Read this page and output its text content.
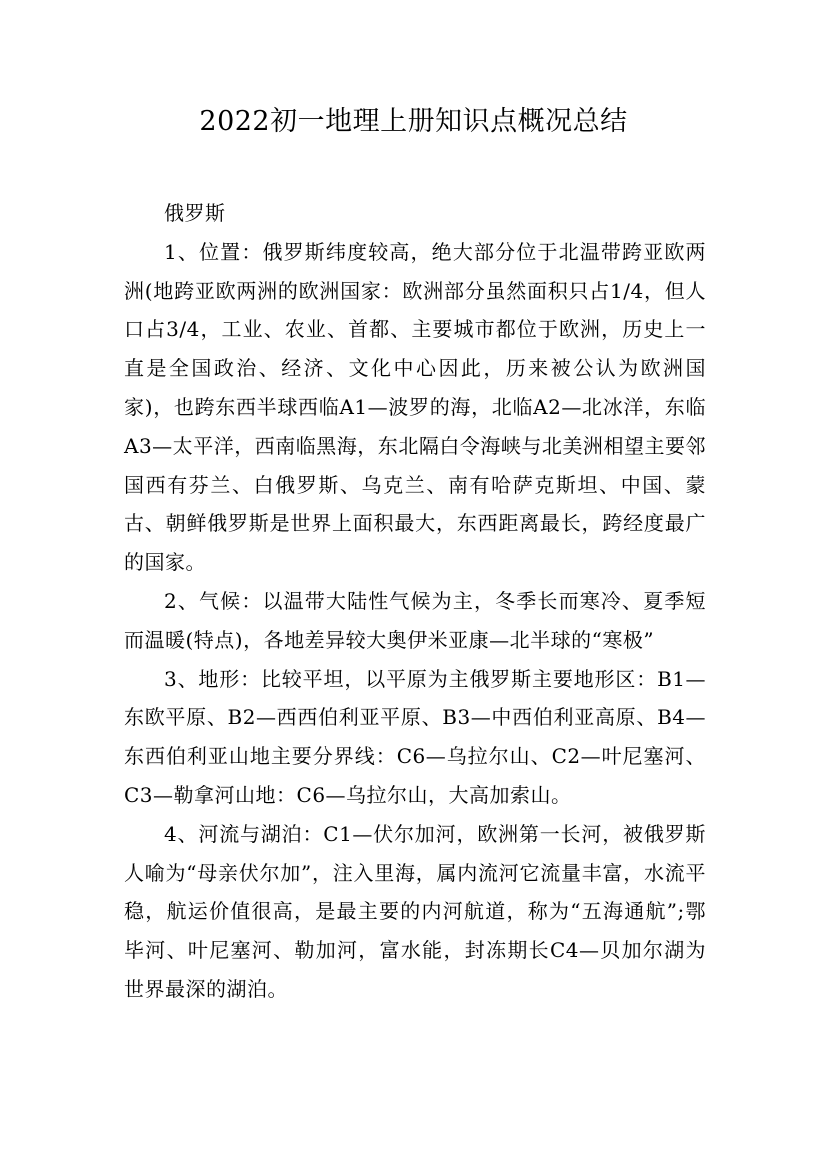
2022初一地理上册知识点概况总结

俄罗斯

1、位置：俄罗斯纬度较高，绝大部分位于北温带跨亚欧两洲(地跨亚欧两洲的欧洲国家：欧洲部分虽然面积只占1/4，但人口占3/4，工业、农业、首都、主要城市都位于欧洲，历史上一直是全国政治、经济、文化中心因此，历来被公认为欧洲国家)，也跨东西半球西临A1—波罗的海，北临A2—北冰洋，东临A3—太平洋，西南临黑海，东北隔白令海峡与北美洲相望主要邻国西有芬兰、白俄罗斯、乌克兰、南有哈萨克斯坦、中国、蒙古、朝鲜俄罗斯是世界上面积最大，东西距离最长，跨经度最广的国家。

2、气候：以温带大陆性气候为主，冬季长而寒冷、夏季短而温暖(特点)，各地差异较大奥伊米亚康—北半球的“寒极”

3、地形：比较平坦，以平原为主俄罗斯主要地形区：B1—东欧平原、B2—西西伯利亚平原、B3—中西伯利亚高原、B4—东西伯利亚山地主要分界线：C6—乌拉尔山、C2—叶尼塞河、C3—勒拿河山地：C6—乌拉尔山，大高加索山。

4、河流与湖泊：C1—伏尔加河，欧洲第一长河，被俄罗斯人喻为“母亲伏尔加”，注入里海，属内流河它流量丰富，水流平稳，航运价值很高，是最主要的内河航道，称为“五海通航”;鄂毕河、叶尼塞河、勒加河，富水能，封冻期长C4—贝加尔湖为世界最深的湖泊。
